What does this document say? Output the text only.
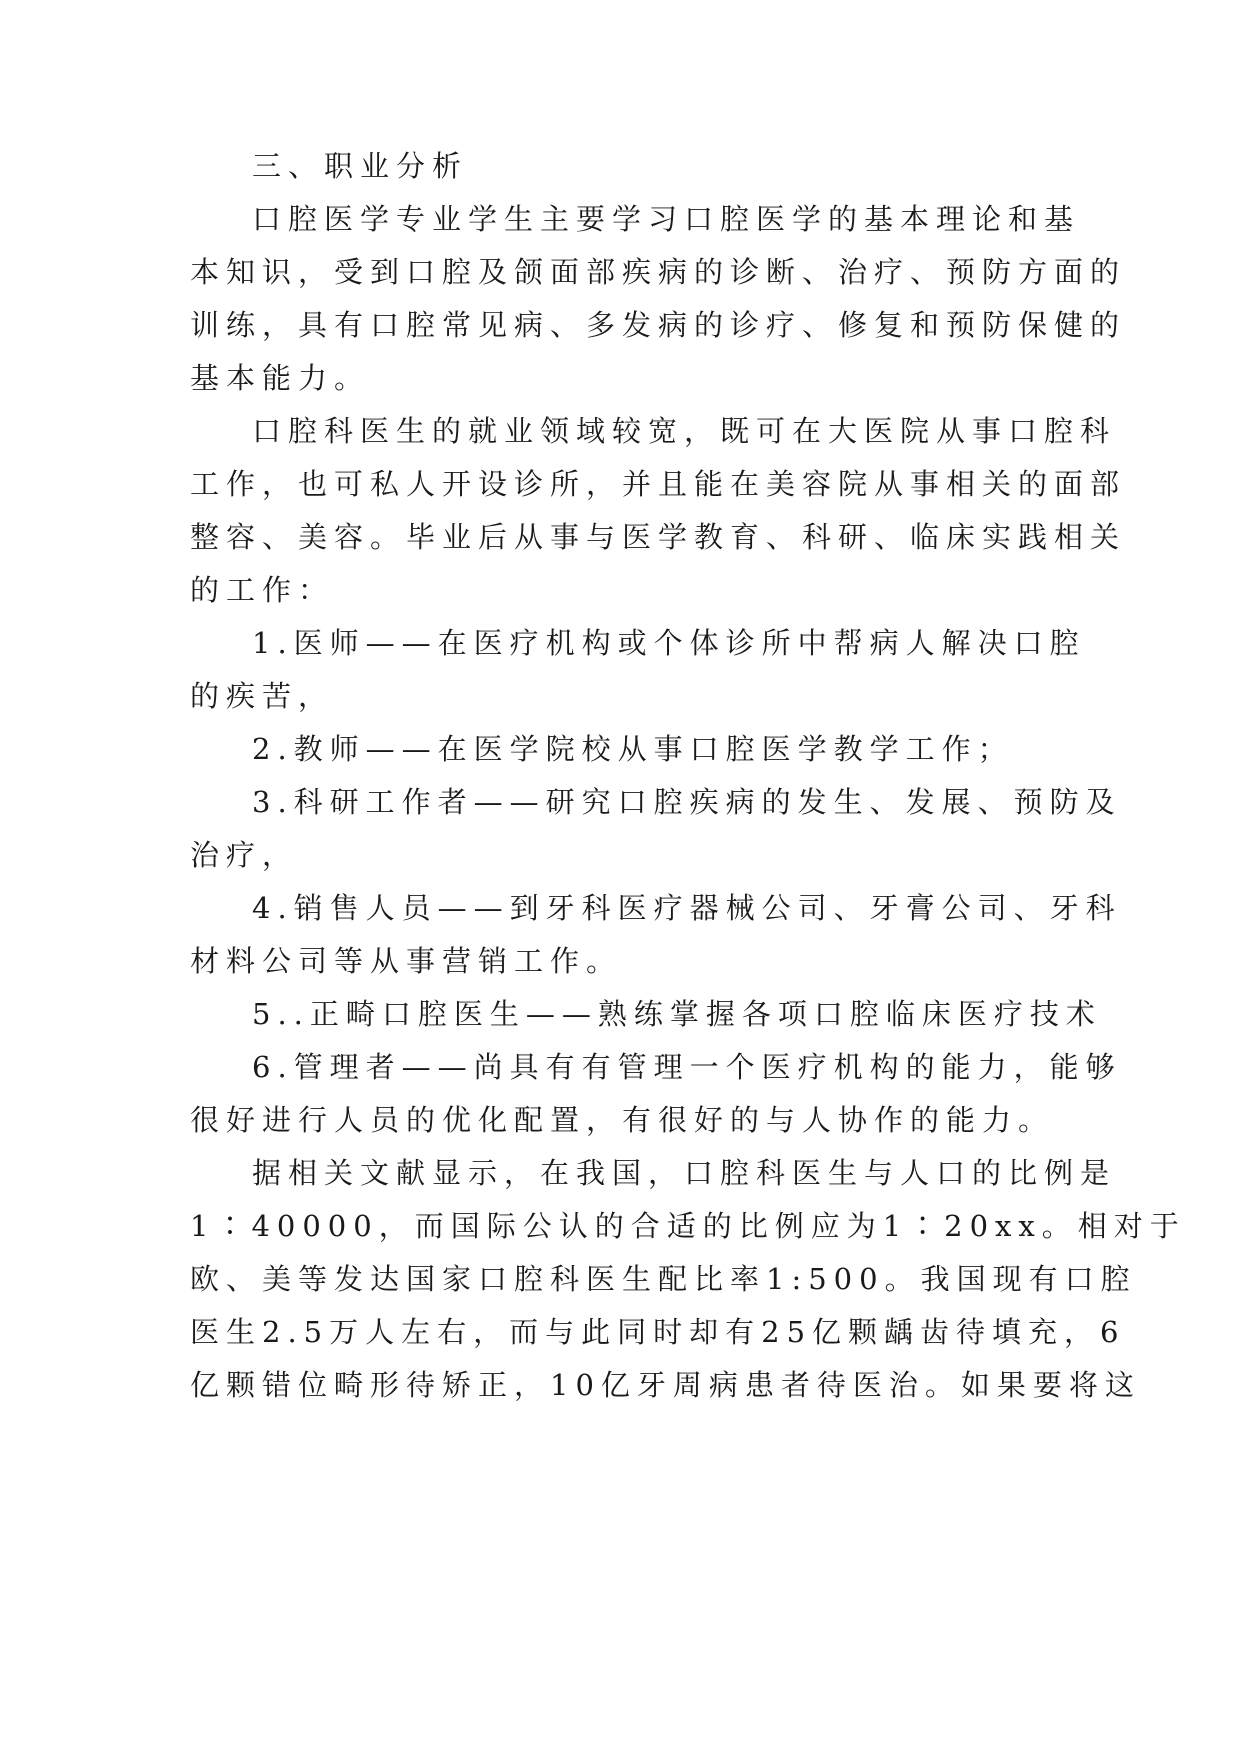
三、职业分析
口腔医学专业学生主要学习口腔医学的基本理论和基
本知识，受到口腔及颌面部疾病的诊断、治疗、预防方面的
训练，具有口腔常见病、多发病的诊疗、修复和预防保健的
基本能力。
口腔科医生的就业领域较宽，既可在大医院从事口腔科
工作，也可私人开设诊所，并且能在美容院从事相关的面部
整容、美容。毕业后从事与医学教育、科研、临床实践相关
的工作：
1.医师——在医疗机构或个体诊所中帮病人解决口腔
的疾苦，
2.教师——在医学院校从事口腔医学教学工作；
3.科研工作者——研究口腔疾病的发生、发展、预防及
治疗，
4.销售人员——到牙科医疗器械公司、牙膏公司、牙科
材料公司等从事营销工作。
5..正畸口腔医生——熟练掌握各项口腔临床医疗技术
6.管理者——尚具有有管理一个医疗机构的能力，能够
很好进行人员的优化配置，有很好的与人协作的能力。
据相关文献显示，在我国，口腔科医生与人口的比例是
1∶40000，而国际公认的合适的比例应为1∶20xx。相对于
欧、美等发达国家口腔科医生配比率1:500。我国现有口腔
医生2.5万人左右，而与此同时却有25亿颗龋齿待填充，6
亿颗错位畸形待矫正，10亿牙周病患者待医治。如果要将这
